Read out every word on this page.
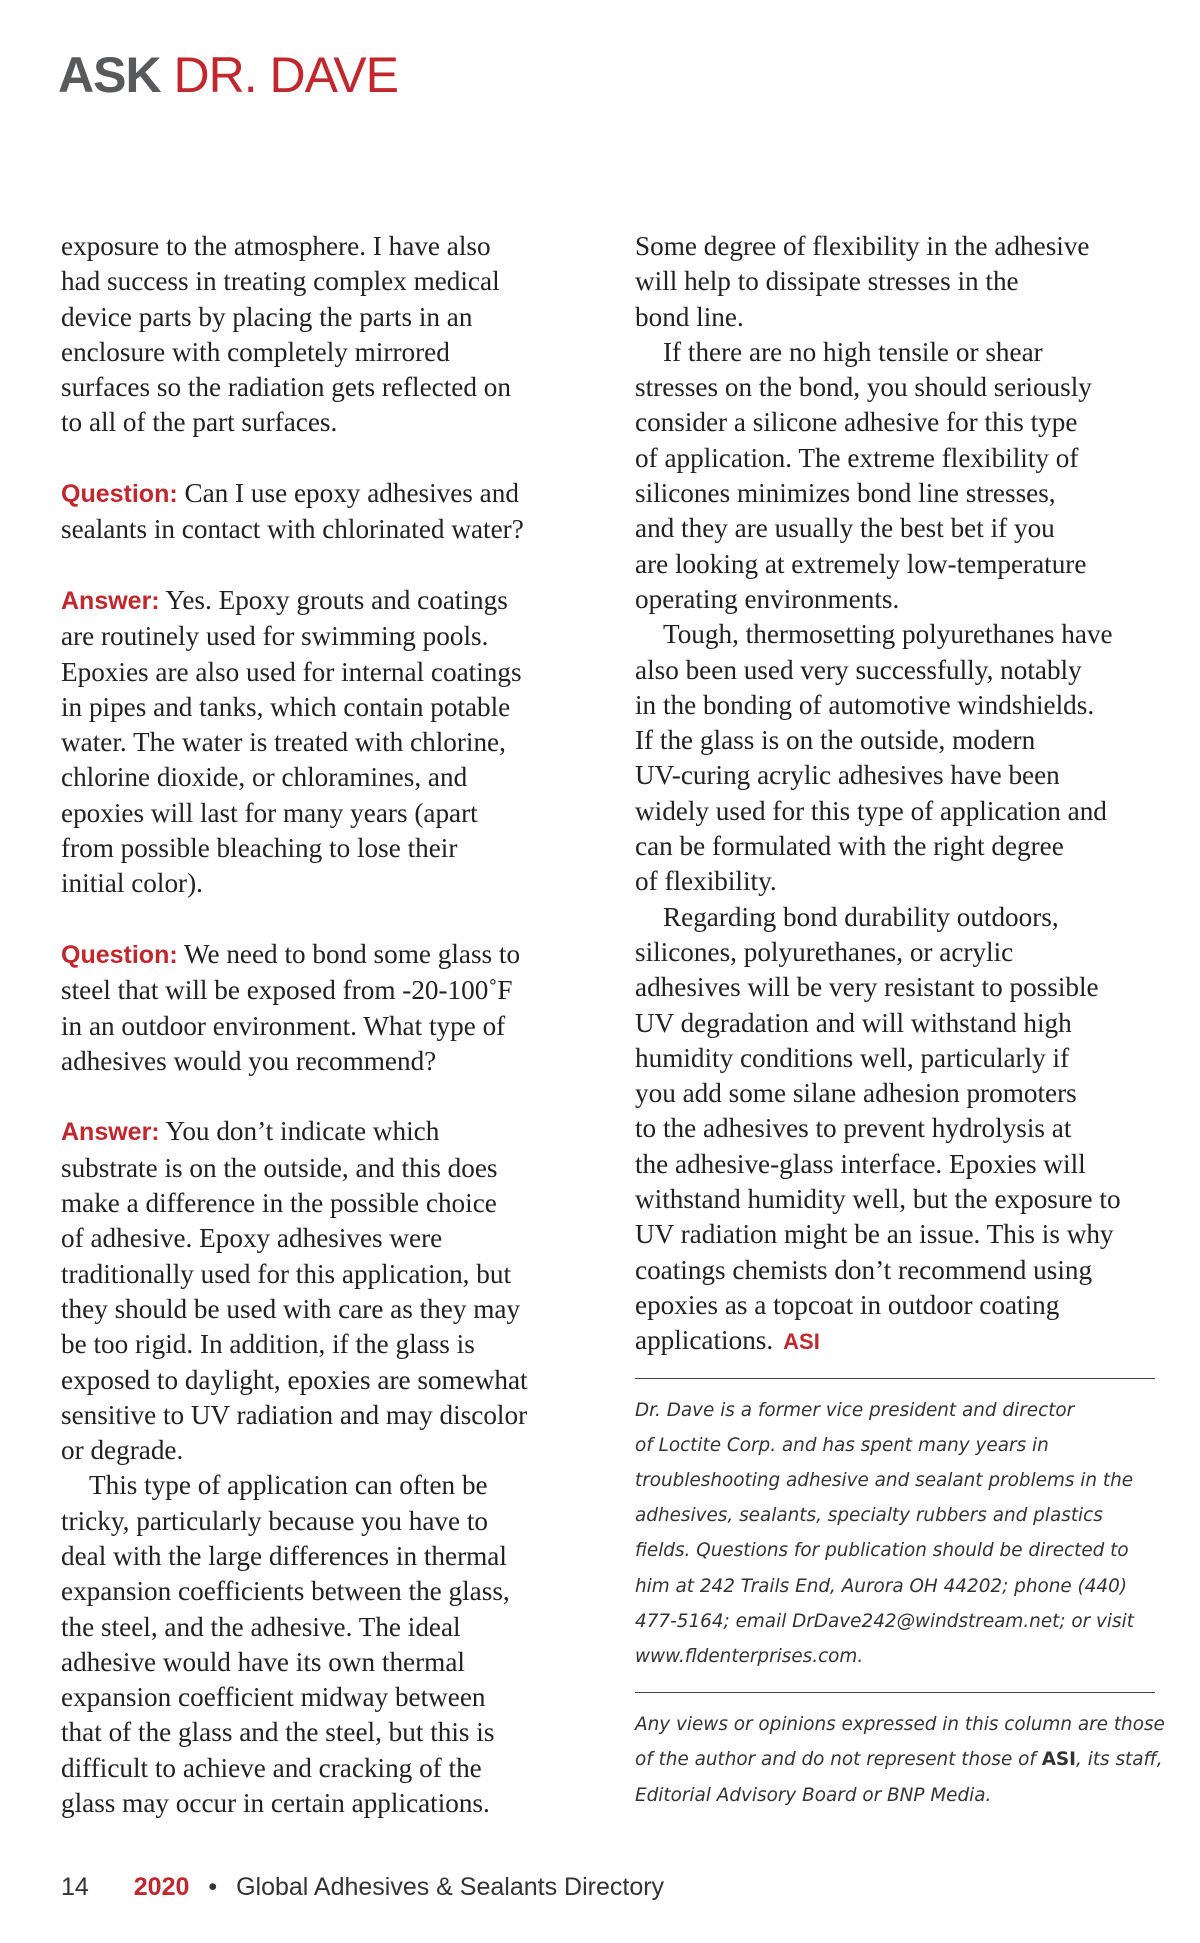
ASK DR. DAVE

exposure to the atmosphere. I have also

had success in treating complex medical

device parts by placing the parts in an

enclosure with completely mirrored

surfaces so the radiation gets reflected on

to all of the part surfaces.

Question: Can I use epoxy adhesives and

sealants in contact with chlorinated water?

Answer: Yes. Epoxy grouts and coatings

are routinely used for swimming pools.

Epoxies are also used for internal coatings

in pipes and tanks, which contain potable

water. The water is treated with chlorine,

chlorine dioxide, or chloramines, and

epoxies will last for many years (apart

from possible bleaching to lose their

initial color).

Question: We need to bond some glass to

steel that will be exposed from -20-100˚F

in an outdoor environment. What type of

adhesives would you recommend?

Answer: You don’t indicate which

substrate is on the outside, and this does

make a difference in the possible choice

of adhesive. Epoxy adhesives were

traditionally used for this application, but

they should be used with care as they may

be too rigid. In addition, if the glass is

exposed to daylight, epoxies are somewhat

sensitive to UV radiation and may discolor

or degrade.

This type of application can often be

tricky, particularly because you have to

deal with the large differences in thermal

expansion coefficients between the glass,

the steel, and the adhesive. The ideal

adhesive would have its own thermal

expansion coefficient midway between

that of the glass and the steel, but this is

difficult to achieve and cracking of the

glass may occur in certain applications.

Some degree of flexibility in the adhesive

will help to dissipate stresses in the

bond line.

If there are no high tensile or shear

stresses on the bond, you should seriously

consider a silicone adhesive for this type

of application. The extreme flexibility of

silicones minimizes bond line stresses,

and they are usually the best bet if you

are looking at extremely low-temperature

operating environments.

Tough, thermosetting polyurethanes have

also been used very successfully, notably

in the bonding of automotive windshields.

If the glass is on the outside, modern

UV-curing acrylic adhesives have been

widely used for this type of application and

can be formulated with the right degree

of flexibility.

Regarding bond durability outdoors,

silicones, polyurethanes, or acrylic

adhesives will be very resistant to possible

UV degradation and will withstand high

humidity conditions well, particularly if

you add some silane adhesion promoters

to the adhesives to prevent hydrolysis at

the adhesive-glass interface. Epoxies will

withstand humidity well, but the exposure to

UV radiation might be an issue. This is why

coatings chemists don’t recommend using

epoxies as a topcoat in outdoor coating

applications. ASI

Dr. Dave is a former vice president and director

of Loctite Corp. and has spent many years in

troubleshooting adhesive and sealant problems in the

adhesives, sealants, specialty rubbers and plastics

fields. Questions for publication should be directed to

him at 242 Trails End, Aurora OH 44202; phone (440)

477-5164; email DrDave242@windstream.net; or visit

www.fldenterprises.com.

Any views or opinions expressed in this column are those

of the author and do not represent those of ASI, its staff,

Editorial Advisory Board or BNP Media.

14 2020 • Global Adhesives & Sealants Directory
